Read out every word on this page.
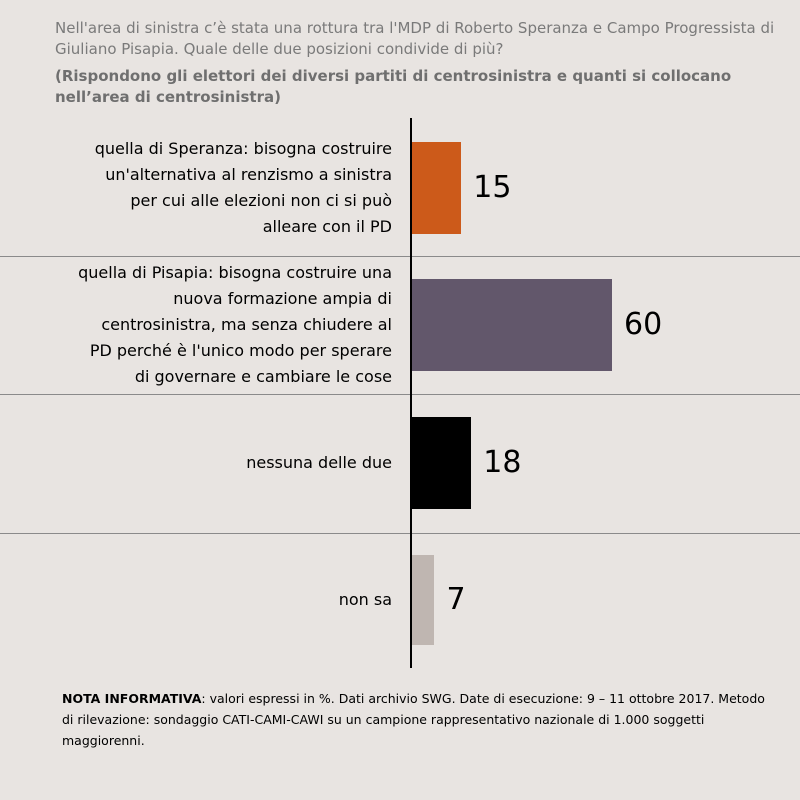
Nell'area di sinistra c’è stata una rottura tra l'MDP di Roberto Speranza e Campo Progressista di Giuliano Pisapia. Quale delle due posizioni condivide di più?
(Rispondono gli elettori dei diversi partiti di centrosinistra e quanti si collocano nell’area di centrosinistra)
15
quella di Speranza: bisogna costruire
un'alternativa al renzismo a sinistra
per cui alle elezioni non ci si può
alleare con il PD
60
quella di Pisapia: bisogna costruire una
nuova formazione ampia di
centrosinistra, ma senza chiudere al
PD perché è l'unico modo per sperare
di governare e cambiare le cose
18
nessuna delle due
7
non sa
NOTA INFORMATIVA: valori espressi in %. Dati archivio SWG. Date di esecuzione: 9 – 11 ottobre 2017. Metodo di rilevazione: sondaggio CATI-CAMI-CAWI su un campione rappresentativo nazionale di 1.000 soggetti maggiorenni.
